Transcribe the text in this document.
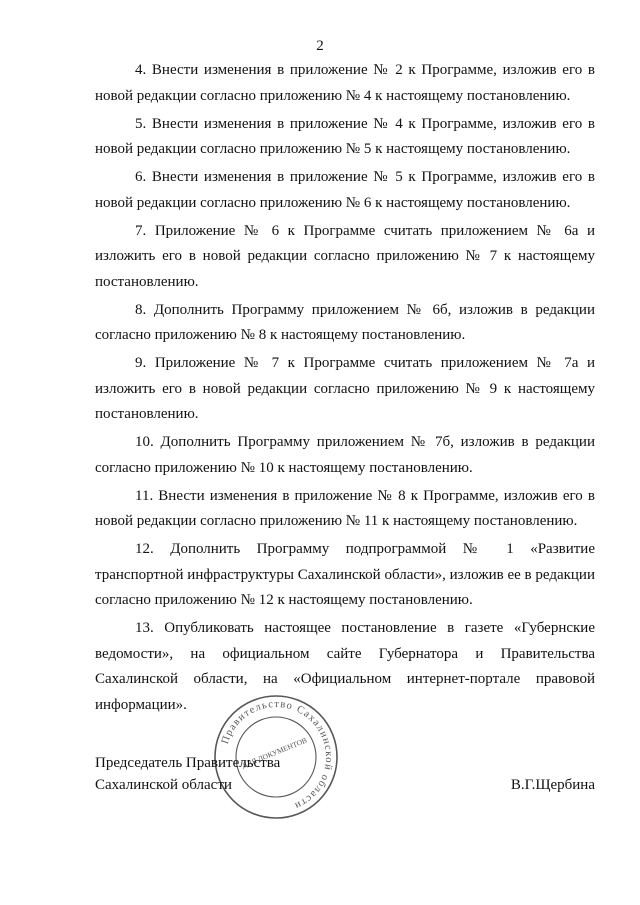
2

4. Внести изменения в приложение № 2 к Программе, изложив его в новой редакции согласно приложению № 4 к настоящему постановлению.

5. Внести изменения в приложение № 4 к Программе, изложив его в новой редакции согласно приложению № 5 к настоящему постановлению.

6. Внести изменения в приложение № 5 к Программе, изложив его в новой редакции согласно приложению № 6 к настоящему постановлению.

7. Приложение № 6 к Программе считать приложением № 6а и изложить его в новой редакции согласно приложению № 7 к настоящему постановлению.

8. Дополнить Программу приложением № 6б, изложив в редакции согласно приложению № 8 к настоящему постановлению.

9. Приложение № 7 к Программе считать приложением № 7а и изложить его в новой редакции согласно приложению № 9 к настоящему постановлению.

10. Дополнить Программу приложением № 7б, изложив в редакции согласно приложению № 10 к настоящему постановлению.

11. Внести изменения в приложение № 8 к Программе, изложив его в новой редакции согласно приложению № 11 к настоящему постановлению.

12. Дополнить Программу подпрограммой № 1 «Развитие транспортной инфраструктуры Сахалинской области», изложив ее в редакции согласно приложению № 12 к настоящему постановлению.

13. Опубликовать настоящее постановление в газете «Губернские ведомости», на официальном сайте Губернатора и Правительства Сахалинской области, на «Официальном интернет-портале правовой информации».

Правительство Сахалинской области
ДЛЯ ДОКУМЕНТОВ
Председатель Правительства
Сахалинской области	В.Г.Щербина
